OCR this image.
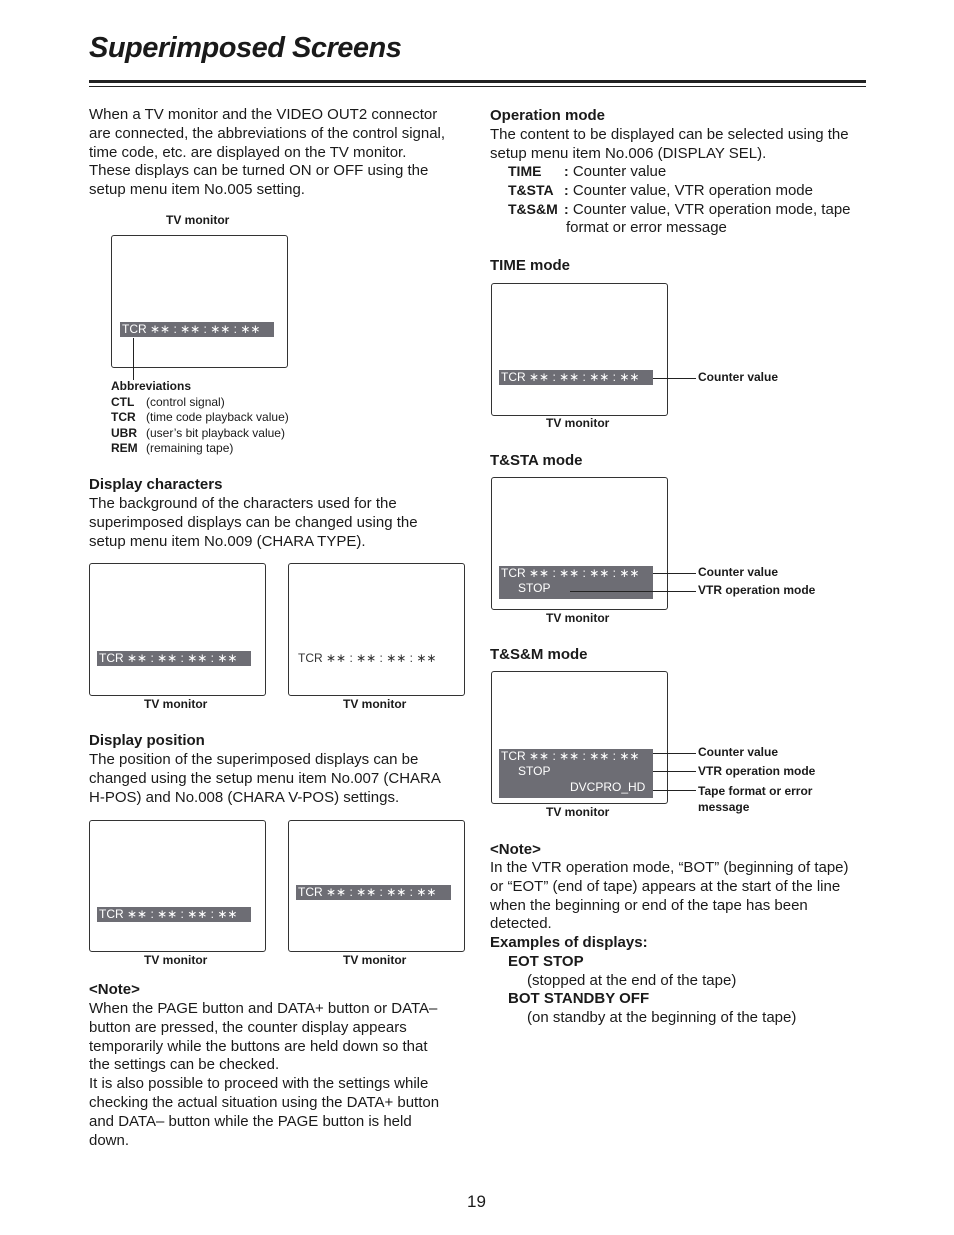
Superimposed Screens

When a TV monitor and the VIDEO OUT2 connector

are connected, the abbreviations of the control signal,

time code, etc. are displayed on the TV monitor.

These displays can be turned ON or OFF using the

setup menu item No.005 setting.

TV monitor
TCR ∗∗ : ∗∗ : ∗∗ : ∗∗
Abbreviations
CTL (control signal)
TCR (time code playback value)
UBR (user’s bit playback value)
REM (remaining tape)
Display characters

The background of the characters used for the

superimposed displays can be changed using the

setup menu item No.009 (CHARA TYPE).

TCR ∗∗ : ∗∗ : ∗∗ : ∗∗
TV monitor
TCR ∗∗ : ∗∗ : ∗∗ : ∗∗
TV monitor
Display position

The position of the superimposed displays can be

changed using the setup menu item No.007 (CHARA

H-POS) and No.008 (CHARA V-POS) settings.

TCR ∗∗ : ∗∗ : ∗∗ : ∗∗
TV monitor
TCR ∗∗ : ∗∗ : ∗∗ : ∗∗
TV monitor
<Note>

When the PAGE button and DATA+ button or DATA–

button are pressed, the counter display appears

temporarily while the buttons are held down so that

the settings can be checked.

It is also possible to proceed with the settings while

checking the actual situation using the DATA+ button

and DATA– button while the PAGE button is held

down.

Operation mode

The content to be displayed can be selected using the

setup menu item No.006 (DISPLAY SEL).

TIME : Counter value
T&STA : Counter value, VTR operation mode
T&S&M : Counter value, VTR operation mode, tape
format or error message
TIME mode
TCR ∗∗ : ∗∗ : ∗∗ : ∗∗	Counter value
TV monitor
T&STA mode
TCR ∗∗ : ∗∗ : ∗∗ : ∗∗
STOP
Counter value
VTR operation mode
TV monitor
T&S&M mode
TCR ∗∗ : ∗∗ : ∗∗ : ∗∗
STOP
DVCPRO_HD
Counter value
VTR operation mode
Tape format or error
message
TV monitor
<Note>

In the VTR operation mode, “BOT” (beginning of tape)

or “EOT” (end of tape) appears at the start of the line

when the beginning or end of the tape has been

detected.

Examples of displays:
EOT STOP
(stopped at the end of the tape)
BOT STANDBY OFF
(on standby at the beginning of the tape)
19
